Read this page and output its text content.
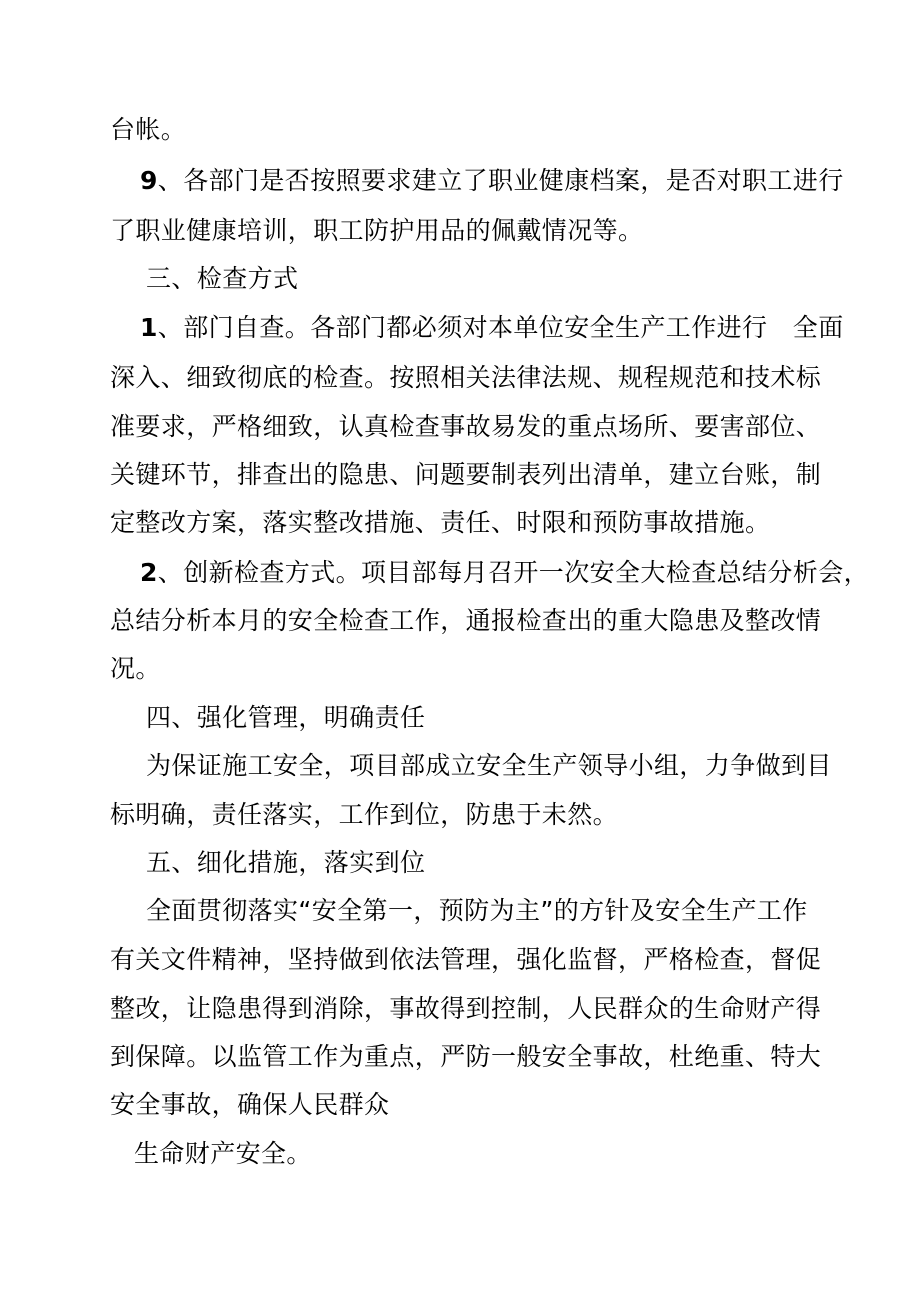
台帐。
9、各部门是否按照要求建立了职业健康档案，是否对职工进行
了职业健康培训，职工防护用品的佩戴情况等。
三、检查方式
1、部门自查。各部门都必须对本单位安全生产工作进行　全面
深入、细致彻底的检查。按照相关法律法规、规程规范和技术标
准要求，严格细致，认真检查事故易发的重点场所、要害部位、
关键环节，排查出的隐患、问题要制表列出清单，建立台账，制
定整改方案，落实整改措施、责任、时限和预防事故措施。
2、创新检查方式。项目部每月召开一次安全大检查总结分析会，
总结分析本月的安全检查工作，通报检查出的重大隐患及整改情
况。
四、强化管理，明确责任
为保证施工安全，项目部成立安全生产领导小组，力争做到目
标明确，责任落实，工作到位，防患于未然。
五、细化措施，落实到位
全面贯彻落实“安全第一，预防为主”的方针及安全生产工作
有关文件精神，坚持做到依法管理，强化监督，严格检查，督促
整改，让隐患得到消除，事故得到控制，人民群众的生命财产得
到保障。以监管工作为重点，严防一般安全事故，杜绝重、特大
安全事故，确保人民群众
生命财产安全。
